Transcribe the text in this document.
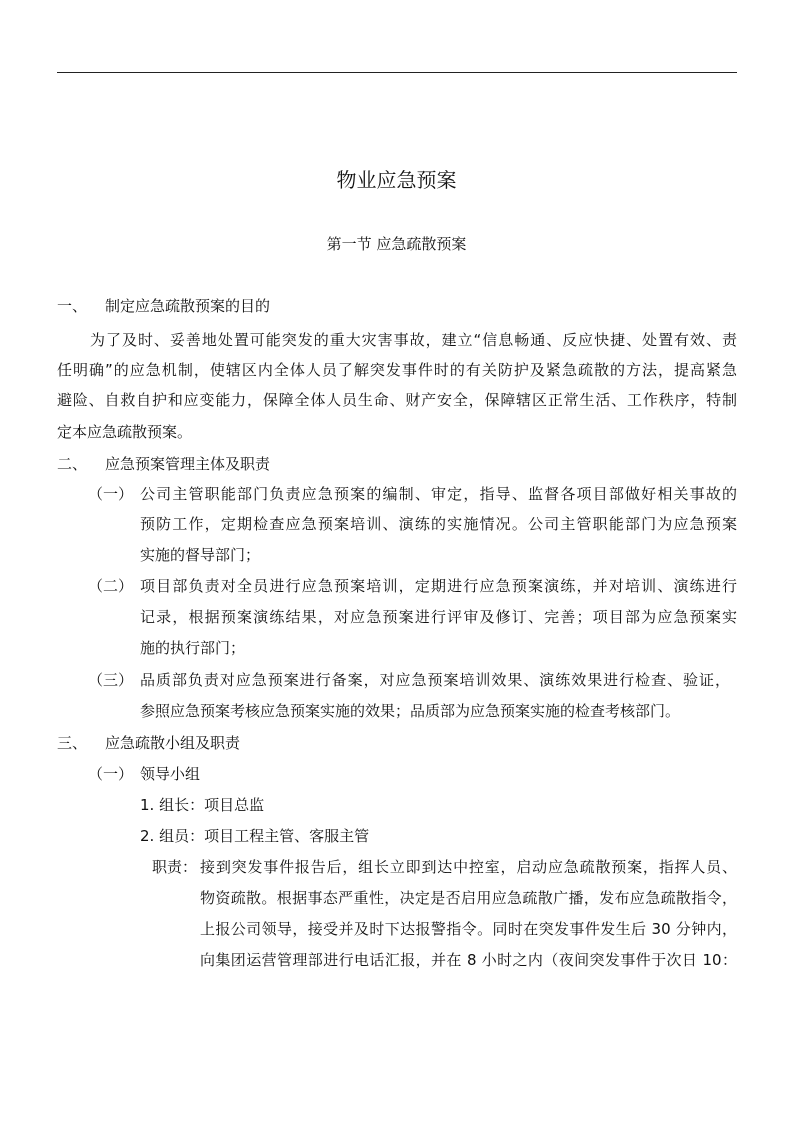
物业应急预案
第一节 应急疏散预案
一、 制定应急疏散预案的目的
为了及时、妥善地处置可能突发的重大灾害事故，建立“信息畅通、反应快捷、处置有效、责
任明确”的应急机制，使辖区内全体人员了解突发事件时的有关防护及紧急疏散的方法，提高紧急
避险、自救自护和应变能力，保障全体人员生命、财产安全，保障辖区正常生活、工作秩序，特制
定本应急疏散预案。
二、 应急预案管理主体及职责
（一） 公司主管职能部门负责应急预案的编制、审定，指导、监督各项目部做好相关事故的
预防工作，定期检查应急预案培训、演练的实施情况。公司主管职能部门为应急预案
实施的督导部门；
（二） 项目部负责对全员进行应急预案培训，定期进行应急预案演练，并对培训、演练进行
记录，根据预案演练结果，对应急预案进行评审及修订、完善；项目部为应急预案实
施的执行部门；
（三） 品质部负责对应急预案进行备案，对应急预案培训效果、演练效果进行检查、验证，
参照应急预案考核应急预案实施的效果；品质部为应急预案实施的检查考核部门。
三、 应急疏散小组及职责
（一） 领导小组
1. 组长：项目总监
2. 组员：项目工程主管、客服主管
职责： 接到突发事件报告后，组长立即到达中控室，启动应急疏散预案，指挥人员、
物资疏散。根据事态严重性，决定是否启用应急疏散广播，发布应急疏散指令，
上报公司领导，接受并及时下达报警指令。同时在突发事件发生后 30 分钟内，
向集团运营管理部进行电话汇报，并在 8 小时之内（夜间突发事件于次日 10：
